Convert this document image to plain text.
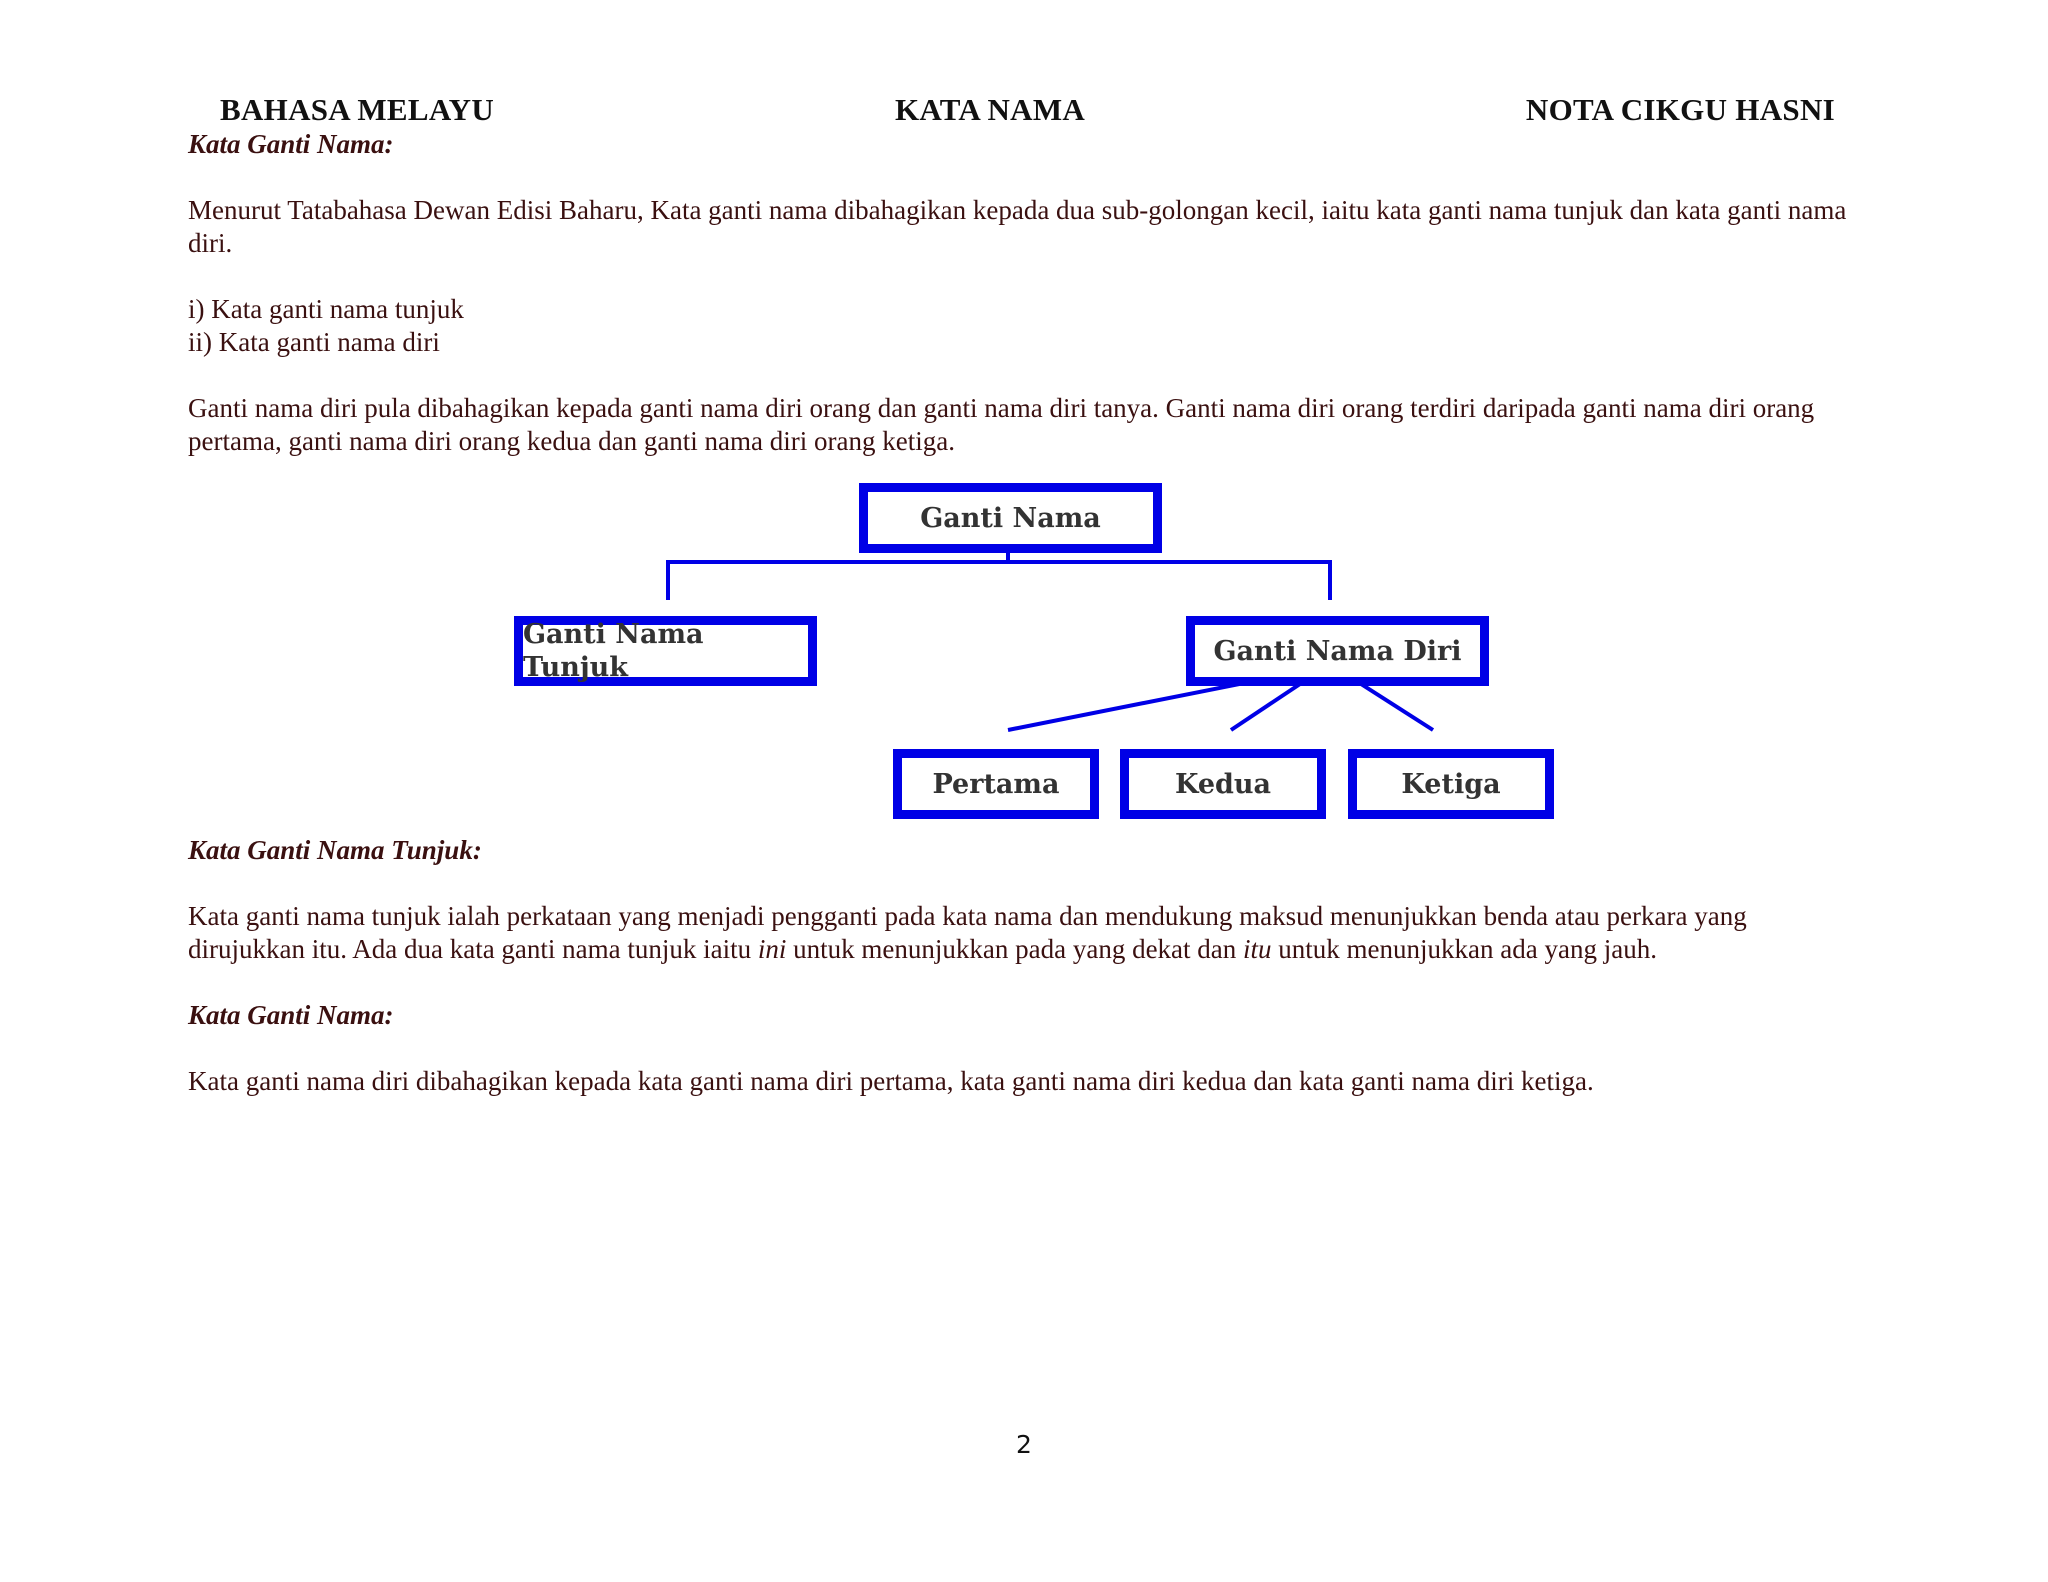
BAHASA MELAYU	KATA NAMA	NOTA CIKGU HASNI

Kata Ganti Nama:

Menurut Tatabahasa Dewan Edisi Baharu, Kata ganti nama dibahagikan kepada dua sub-golongan kecil, iaitu kata ganti nama tunjuk dan kata ganti nama diri.

i) Kata ganti nama tunjuk

ii) Kata ganti nama diri

Ganti nama diri pula dibahagikan kepada ganti nama diri orang dan ganti nama diri tanya. Ganti nama diri orang terdiri daripada ganti nama diri orang pertama, ganti nama diri orang kedua dan ganti nama diri orang ketiga.

Ganti Nama
Ganti Nama Tunjuk
Ganti Nama Diri
Pertama	Kedua	Ketiga

Kata Ganti Nama Tunjuk:

Kata ganti nama tunjuk ialah perkataan yang menjadi pengganti pada kata nama dan mendukung maksud menunjukkan benda atau perkara yang dirujukkan itu. Ada dua kata ganti nama tunjuk iaitu ini untuk menunjukkan pada yang dekat dan itu untuk menunjukkan ada yang jauh.

Kata Ganti Nama:

Kata ganti nama diri dibahagikan kepada kata ganti nama diri pertama, kata ganti nama diri kedua dan kata ganti nama diri ketiga.

2
